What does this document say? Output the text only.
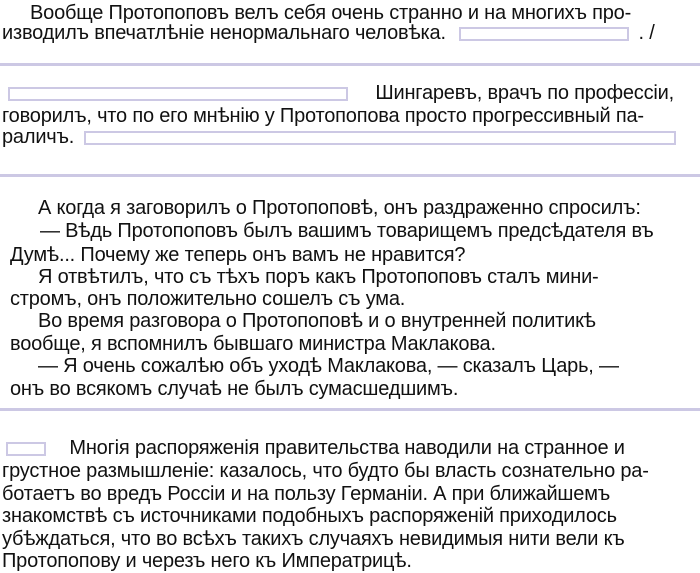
Вообще Протопоповъ велъ себя очень странно и на многихъ про-
изводилъ впечатлѣніе ненормальнаго человѣка.	. /
Шингаревъ, врачъ по профессіи,
говорилъ, что по его мнѣнію у Протопопова просто прогрессивный па-
раличъ.
А когда я заговорилъ о Протопоповѣ, онъ раздраженно спросилъ:
— Вѣдь Протопоповъ былъ вашимъ товарищемъ предсѣдателя въ
Думѣ... Почему же теперь онъ вамъ не нравится?
Я отвѣтилъ, что съ тѣхъ поръ какъ Протопоповъ сталъ мини-
стромъ, онъ положительно сошелъ съ ума.
Во время разговора о Протопоповѣ и о внутренней политикѣ
вообще, я вспомнилъ бывшаго министра Маклакова.
— Я очень сожалѣю объ уходѣ Маклакова, — сказалъ Царь, —
онъ во всякомъ случаѣ не былъ сумасшедшимъ.
Многія распоряженія правительства наводили на странное и
грустное размышленіе: казалось, что будто бы власть сознательно ра-
ботаетъ во вредъ Россіи и на пользу Германіи. А при ближайшемъ
знакомствѣ съ источниками подобныхъ распоряженій приходилось
убѣждаться, что во всѣхъ такихъ случаяхъ невидимыя нити вели къ
Протопопову и черезъ него къ Императрицѣ.
